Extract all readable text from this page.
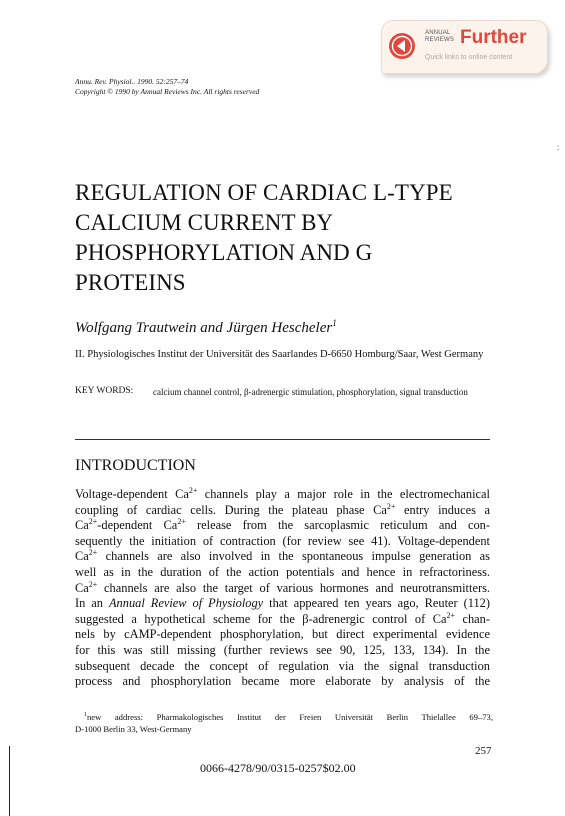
ANNUAL
REVIEWS Further
Quick links to online content
Annu. Rev. Physiol.. 1990. 52:257–74
Copyright © 1990 by Annual Reviews Inc. All rights reserved
:
REGULATION OF CARDIAC L-TYPE
CALCIUM CURRENT BY
PHOSPHORYLATION AND G
PROTEINS
Wolfgang Trautwein and Jürgen Hescheler$^1$
II. Physiologisches Institut der Universität des Saarlandes D-6650 Homburg/Saar, West Germany
KEY WORDS: calcium channel control, β-adrenergic stimulation, phosphorylation, signal transduction
INTRODUCTION
Voltage-dependent $Ca^{2+}$ channels play a major role in the electromechanical
coupling of cardiac cells. During the plateau phase $Ca^{2+}$ entry induces a
$Ca^{2+}$-dependent $Ca^{2+}$ release from the sarcoplasmic reticulum and con-
sequently the initiation of contraction (for review see 41). Voltage-dependent
$Ca^{2+}$ channels are also involved in the spontaneous impulse generation as
well as in the duration of the action potentials and hence in refractoriness.
$Ca^{2+}$ channels are also the target of various hormones and neurotransmitters.
In an Annual Review of Physiology that appeared ten years ago, Reuter (112)
suggested a hypothetical scheme for the β-adrenergic control of $Ca^{2+}$ chan-
nels by cAMP-dependent phosphorylation, but direct experimental evidence
for this was still missing (further reviews see 90, 125, 133, 134). In the
subsequent decade the concept of regulation via the signal transduction
process and phosphorylation became more elaborate by analysis of the
$^1$new address: Pharmakologisches Institut der Freien Universität Berlin Thielallee 69–73,
D-1000 Berlin 33, West-Germany
257
0066-4278/90/0315-0257$02.00
